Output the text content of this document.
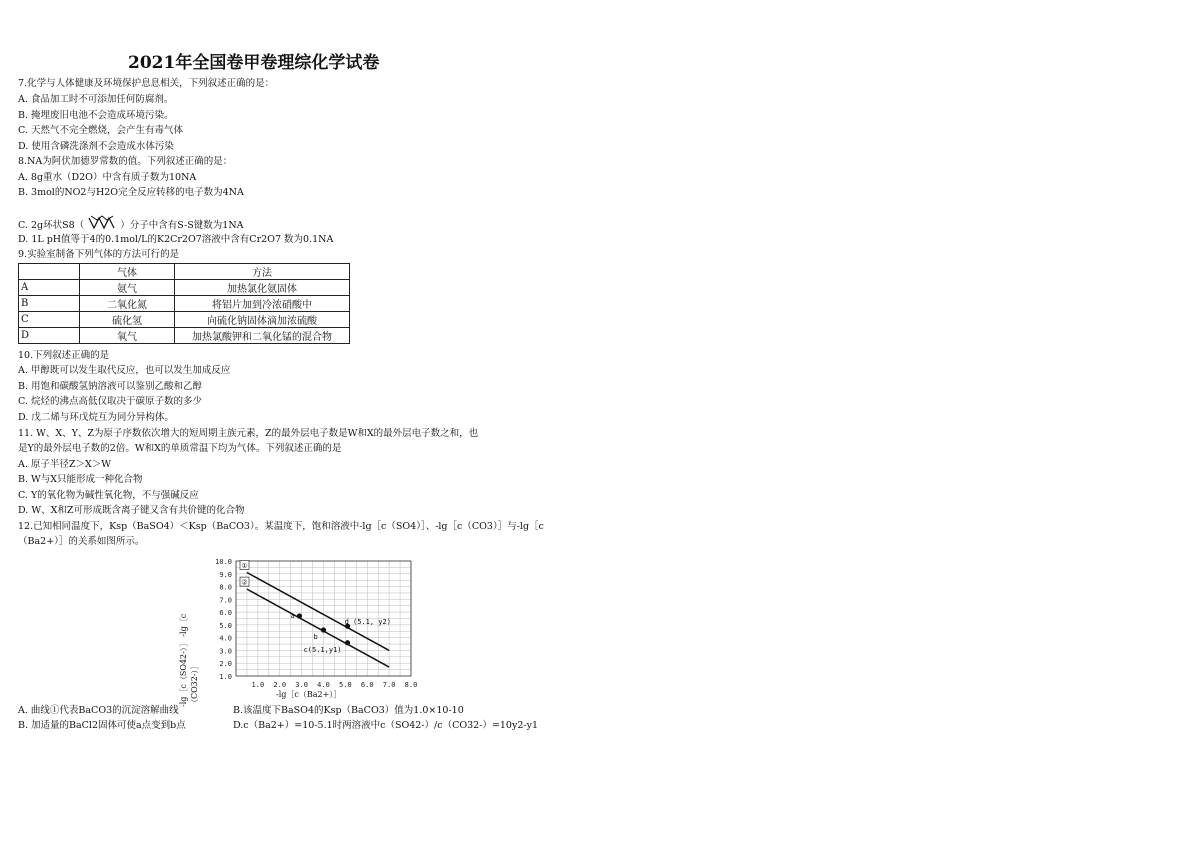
2021年全国卷甲卷理综化学试卷
7.化学与人体健康及环境保护息息相关，下列叙述正确的是：
A. 食品加工时不可添加任何防腐剂。
B. 掩埋废旧电池不会造成环境污染。
C. 天然气不完全燃烧，会产生有毒气体
D. 使用含磷洗涤剂不会造成水体污染
8.NA为阿伏加德罗常数的值。下列叙述正确的是：
A. 8g重水（D2O）中含有质子数为10NA
B. 3mol的NO2与H2O完全反应转移的电子数为4NA
C. 2g环状S8（	）分子中含有S-S键数为1NA
D. 1L pH值等于4的0.1mol/L的K2Cr2O7溶液中含有Cr2O7 数为0.1NA
9.实验室制备下列气体的方法可行的是
	气体	方法
A	氨气	加热氯化氨固体
B	二氧化氮	将铝片加到冷浓硝酸中
C	硫化氢	向硫化钠固体滴加浓硫酸
D	氧气	加热氯酸钾和二氧化锰的混合物
10.下列叙述正确的是
A. 甲醇既可以发生取代反应，也可以发生加成反应
B. 用饱和碳酸氢钠溶液可以鉴别乙酸和乙醇
C. 烷烃的沸点高低仅取决于碳原子数的多少
D. 戊二烯与环戊烷互为同分异构体。
11. W、X、Y、Z为原子序数依次增大的短周期主族元素，Z的最外层电子数是W和X的最外层电子数之和，也
是Y的最外层电子数的2倍。W和X的单质常温下均为气体。下列叙述正确的是
A. 原子半径Z＞X＞W
B. W与X只能形成一种化合物
C. Y的氧化物为碱性氧化物，不与强碱反应
D. W、X和Z可形成既含离子键又含有共价键的化合物
12.已知相同温度下，Ksp（BaSO4）＜Ksp（BaCO3）。某温度下，饱和溶液中-lg［c（SO4）］、-lg［c（CO3）］与-lg［c
（Ba2+）］的关系如图所示。
A. 曲线①代表BaCO3的沉淀溶解曲线	B.该温度下BaSO4的Ksp（BaCO3）值为1.0×10-10
B. 加适量的BaCl2固体可使a点变到b点	D.c（Ba2+）=10-5.1时两溶液中c（SO42-）/c（CO32-）=10y2-y1
1.0
2.0
3.0
4.0
5.0
6.0
7.0
8.0
9.0
10.0
1.0 2.0 3.0 4.0 5.0 6.0 7.0 8.0
①
②
a
b
d (5.1, y2)
c(5.1,y1)
-lg［c（SO42-）］ -lg［c（CO32-）］	-lg［c（Ba2+）］
